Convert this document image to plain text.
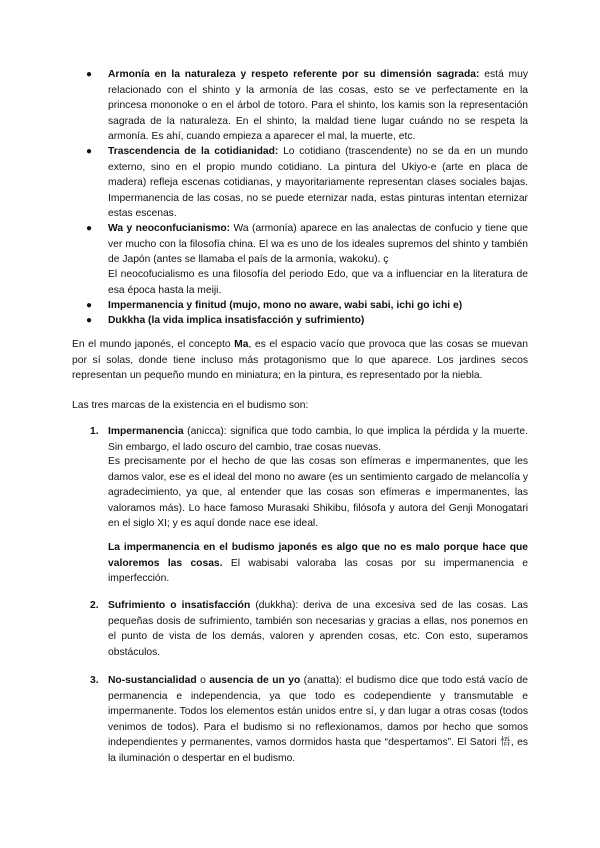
● Armonía en la naturaleza y respeto referente por su dimensión sagrada: está muy relacionado con el shinto y la armonía de las cosas, esto se ve perfectamente en la princesa mononoke o en el árbol de totoro. Para el shinto, los kamis son la representación sagrada de la naturaleza. En el shinto, la maldad tiene lugar cuándo no se respeta la armonía. Es ahí, cuando empieza a aparecer el mal, la muerte, etc.

● Trascendencia de la cotidianidad: Lo cotidiano (trascendente) no se da en un mundo externo, sino en el propio mundo cotidiano. La pintura del Ukiyo-e (arte en placa de madera) refleja escenas cotidianas, y mayoritariamente representan clases sociales bajas. Impermanencia de las cosas, no se puede eternizar nada, estas pinturas intentan eternizar estas escenas.

● Wa y neoconfucianismo: Wa (armonía) aparece en las analectas de confucio y tiene que ver mucho con la filosofía china. El wa es uno de los ideales supremos del shinto y también de Japón (antes se llamaba el país de la armonía, wakoku). ç

El neocofucialismo es una filosofía del periodo Edo, que va a influenciar en la literatura de esa época hasta la meiji.

● Impermanencia y finitud (mujo, mono no aware, wabi sabi, ichi go ichi e)

● Dukkha (la vida implica insatisfacción y sufrimiento)

En el mundo japonés, el concepto Ma, es el espacio vacío que provoca que las cosas se muevan por sí solas, donde tiene incluso más protagonismo que lo que aparece. Los jardines secos representan un pequeño mundo en miniatura; en la pintura, es representado por la niebla.

Las tres marcas de la existencia en el budismo son:

1. Impermanencia (anicca): significa que todo cambia, lo que implica la pérdida y la muerte. Sin embargo, el lado oscuro del cambio, trae cosas nuevas.

Es precisamente por el hecho de que las cosas son efímeras e impermanentes, que les damos valor, ese es el ideal del mono no aware (es un sentimiento cargado de melancolía y agradecimiento, ya que, al entender que las cosas son efímeras e impermanentes, las valoramos más). Lo hace famoso Murasaki Shikibu, filósofa y autora del Genji Monogatari en el siglo XI; y es aquí donde nace ese ideal.

La impermanencia en el budismo japonés es algo que no es malo porque hace que valoremos las cosas. El wabisabi valoraba las cosas por su impermanencia e imperfección.

2. Sufrimiento o insatisfacción (dukkha): deriva de una excesiva sed de las cosas. Las pequeñas dosis de sufrimiento, también son necesarias y gracias a ellas, nos ponemos en el punto de vista de los demás, valoren y aprenden cosas, etc. Con esto, superamos obstáculos.

3. No-sustancialidad o ausencia de un yo (anatta): el budismo dice que todo está vacío de permanencia e independencia, ya que todo es codependiente y transmutable e impermanente. Todos los elementos están unidos entre sí, y dan lugar a otras cosas (todos venimos de todos). Para el budismo si no reflexionamos, damos por hecho que somos independientes y permanentes, vamos dormidos hasta que “despertamos”. El Satori 悟, es la iluminación o despertar en el budismo.
